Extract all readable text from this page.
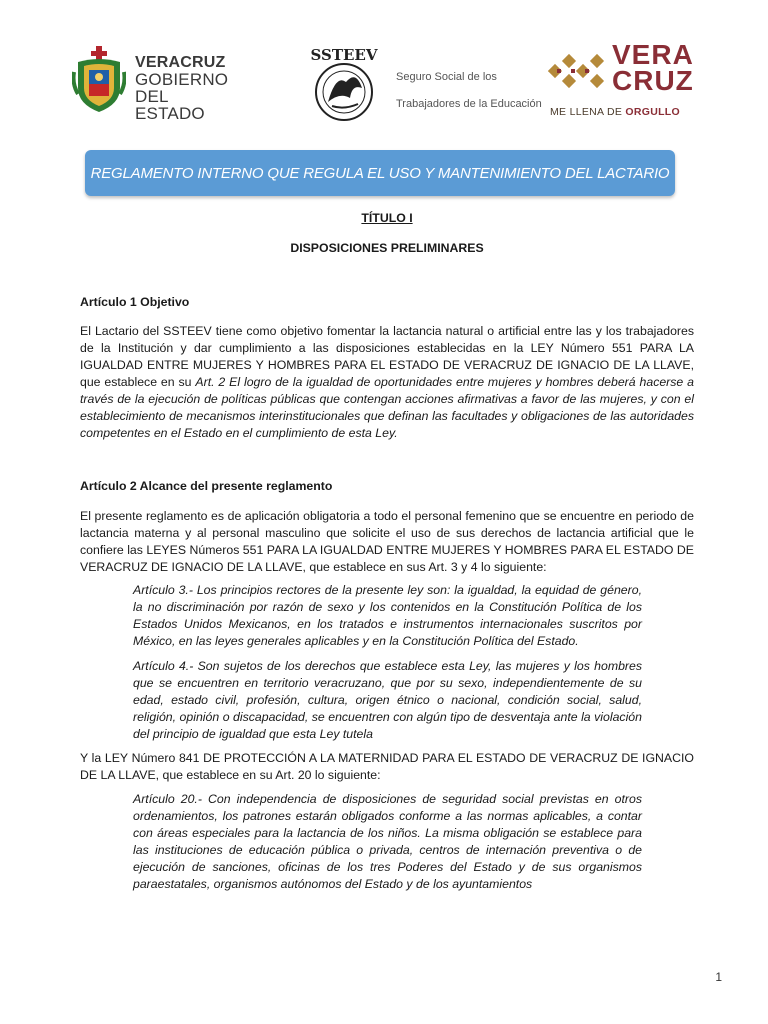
VERACRUZ
GOBIERNO
DEL ESTADO
SSTEEV
Seguro Social de los
Trabajadores de la Educación
VERA
CRUZ
ME LLENA DE ORGULLO
REGLAMENTO INTERNO QUE REGULA EL USO Y MANTENIMIENTO DEL LACTARIO
TÍTULO I
DISPOSICIONES PRELIMINARES
Artículo 1 Objetivo

El Lactario del SSTEEV tiene como objetivo fomentar la lactancia natural o artificial entre las y los trabajadores de la Institución y dar cumplimiento a las disposiciones establecidas en la LEY Número 551 PARA LA IGUALDAD ENTRE MUJERES Y HOMBRES PARA EL ESTADO DE VERACRUZ DE IGNACIO DE LA LLAVE, que establece en su Art. 2 El logro de la igualdad de oportunidades entre mujeres y hombres deberá hacerse a través de la ejecución de políticas públicas que contengan acciones afirmativas a favor de las mujeres, y con el establecimiento de mecanismos interinstitucionales que definan las facultades y obligaciones de las autoridades competentes en el Estado en el cumplimiento de esta Ley.

Artículo 2 Alcance del presente reglamento

El presente reglamento es de aplicación obligatoria a todo el personal femenino que se encuentre en periodo de lactancia materna y al personal masculino que solicite el uso de sus derechos de lactancia artificial que le confiere las LEYES Números 551 PARA LA IGUALDAD ENTRE MUJERES Y HOMBRES PARA EL ESTADO DE VERACRUZ DE IGNACIO DE LA LLAVE, que establece en sus Art. 3 y 4 lo siguiente:

Artículo 3.- Los principios rectores de la presente ley son: la igualdad, la equidad de género, la no discriminación por razón de sexo y los contenidos en la Constitución Política de los Estados Unidos Mexicanos, en los tratados e instrumentos internacionales suscritos por México, en las leyes generales aplicables y en la Constitución Política del Estado.

Artículo 4.- Son sujetos de los derechos que establece esta Ley, las mujeres y los hombres que se encuentren en territorio veracruzano, que por su sexo, independientemente de su edad, estado civil, profesión, cultura, origen étnico o nacional, condición social, salud, religión, opinión o discapacidad, se encuentren con algún tipo de desventaja ante la violación del principio de igualdad que esta Ley tutela

Y la LEY Número 841 DE PROTECCIÓN A LA MATERNIDAD PARA EL ESTADO DE VERACRUZ DE IGNACIO DE LA LLAVE, que establece en su Art. 20 lo siguiente:

Artículo 20.- Con independencia de disposiciones de seguridad social previstas en otros ordenamientos, los patrones estarán obligados conforme a las normas aplicables, a contar con áreas especiales para la lactancia de los niños. La misma obligación se establece para las instituciones de educación pública o privada, centros de internación preventiva o de ejecución de sanciones, oficinas de los tres Poderes del Estado y de sus organismos paraestatales, organismos autónomos del Estado y de los ayuntamientos

1
